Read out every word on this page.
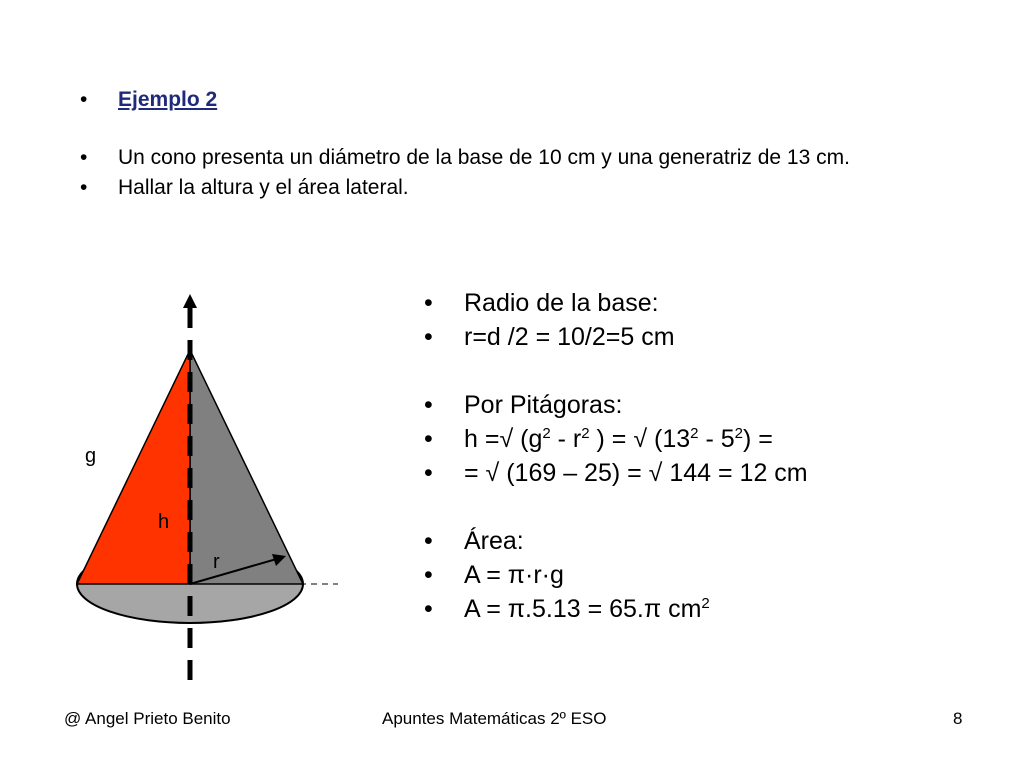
• Ejemplo 2
• Un cono presenta un diámetro de la base de 10 cm y una generatriz de 13 cm.
• Hallar la altura y el área lateral.
g
h
r
• Radio de la base:
• r=d /2 = 10/2=5 cm
• Por Pitágoras:
• h =√ ($g^2 - r^2$ ) = √ $(13^2 - 5^2)$ =
• = √ (169 – 25) = √ 144 = 12 cm
• Área:
• A = π·r·g
• A = π.5.13 = 65.π $cm^2$
@ Angel Prieto Benito	Apuntes Matemáticas 2º ESO	8
